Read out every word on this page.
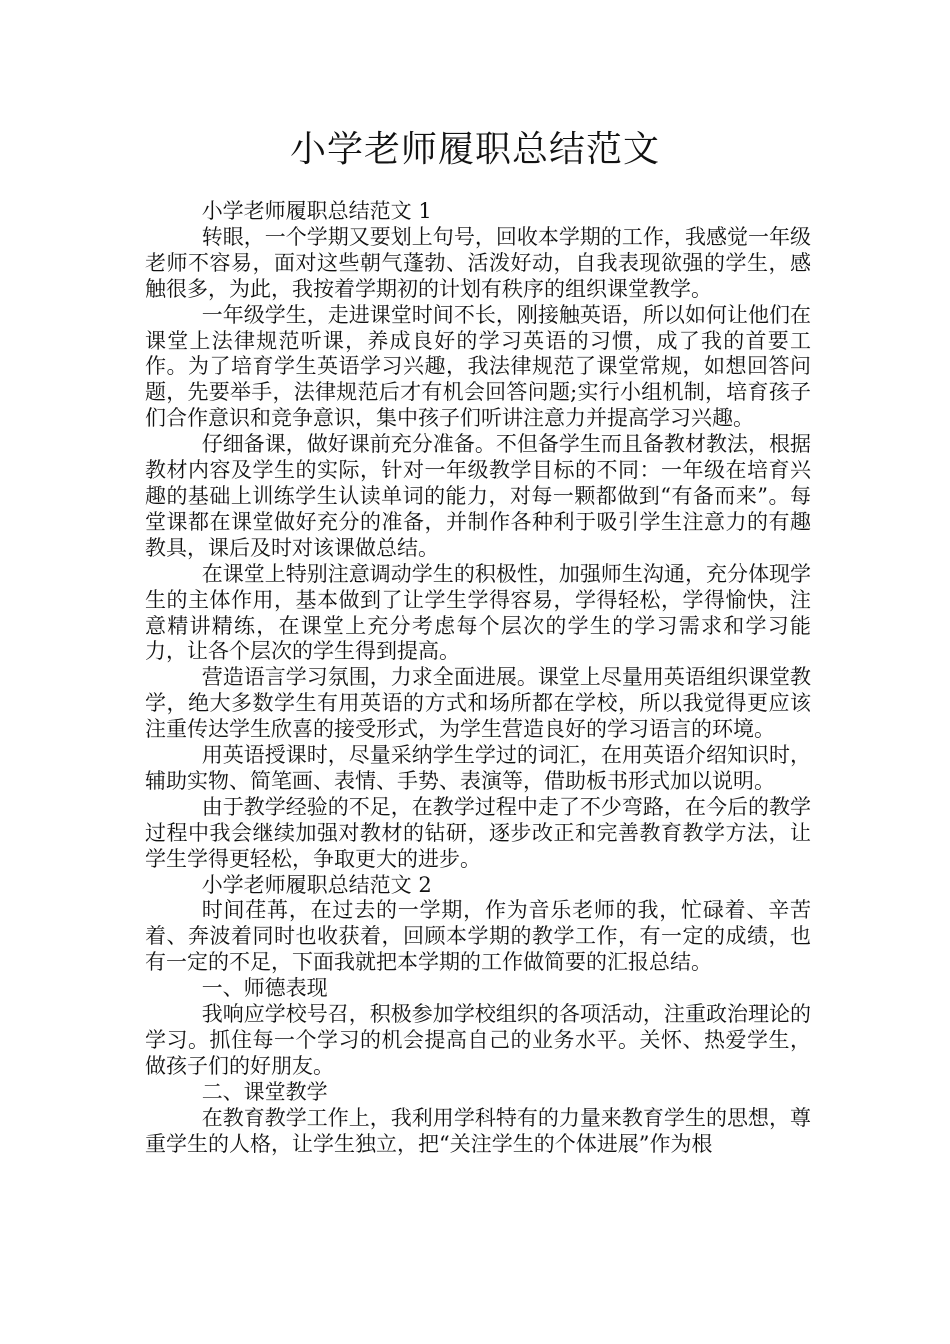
小学老师履职总结范文

小学老师履职总结范文 1

转眼，一个学期又要划上句号，回收本学期的工作，我感觉一年级老师不容易，面对这些朝气蓬勃、活泼好动，自我表现欲强的学生，感触很多，为此，我按着学期初的计划有秩序的组织课堂教学。

一年级学生，走进课堂时间不长，刚接触英语，所以如何让他们在课堂上法律规范听课，养成良好的学习英语的习惯，成了我的首要工作。为了培育学生英语学习兴趣，我法律规范了课堂常规，如想回答问题，先要举手，法律规范后才有机会回答问题;实行小组机制，培育孩子们合作意识和竞争意识，集中孩子们听讲注意力并提高学习兴趣。

仔细备课，做好课前充分准备。不但备学生而且备教材教法，根据教材内容及学生的实际，针对一年级教学目标的不同：一年级在培育兴趣的基础上训练学生认读单词的能力，对每一颗都做到“有备而来”。每堂课都在课堂做好充分的准备，并制作各种利于吸引学生注意力的有趣教具，课后及时对该课做总结。

在课堂上特别注意调动学生的积极性，加强师生沟通，充分体现学生的主体作用，基本做到了让学生学得容易，学得轻松，学得愉快，注意精讲精练，在课堂上充分考虑每个层次的学生的学习需求和学习能力，让各个层次的学生得到提高。

营造语言学习氛围，力求全面进展。课堂上尽量用英语组织课堂教学，绝大多数学生有用英语的方式和场所都在学校，所以我觉得更应该注重传达学生欣喜的接受形式，为学生营造良好的学习语言的环境。

用英语授课时，尽量采纳学生学过的词汇，在用英语介绍知识时，辅助实物、简笔画、表情、手势、表演等，借助板书形式加以说明。

由于教学经验的不足，在教学过程中走了不少弯路，在今后的教学过程中我会继续加强对教材的钻研，逐步改正和完善教育教学方法，让学生学得更轻松，争取更大的进步。

小学老师履职总结范文 2

时间荏苒，在过去的一学期，作为音乐老师的我，忙碌着、辛苦着、奔波着同时也收获着，回顾本学期的教学工作，有一定的成绩，也有一定的不足，下面我就把本学期的工作做简要的汇报总结。

一、师德表现

我响应学校号召，积极参加学校组织的各项活动，注重政治理论的学习。抓住每一个学习的机会提高自己的业务水平。关怀、热爱学生，做孩子们的好朋友。

二、课堂教学

在教育教学工作上，我利用学科特有的力量来教育学生的思想，尊重学生的人格，让学生独立，把“关注学生的个体进展”作为根
